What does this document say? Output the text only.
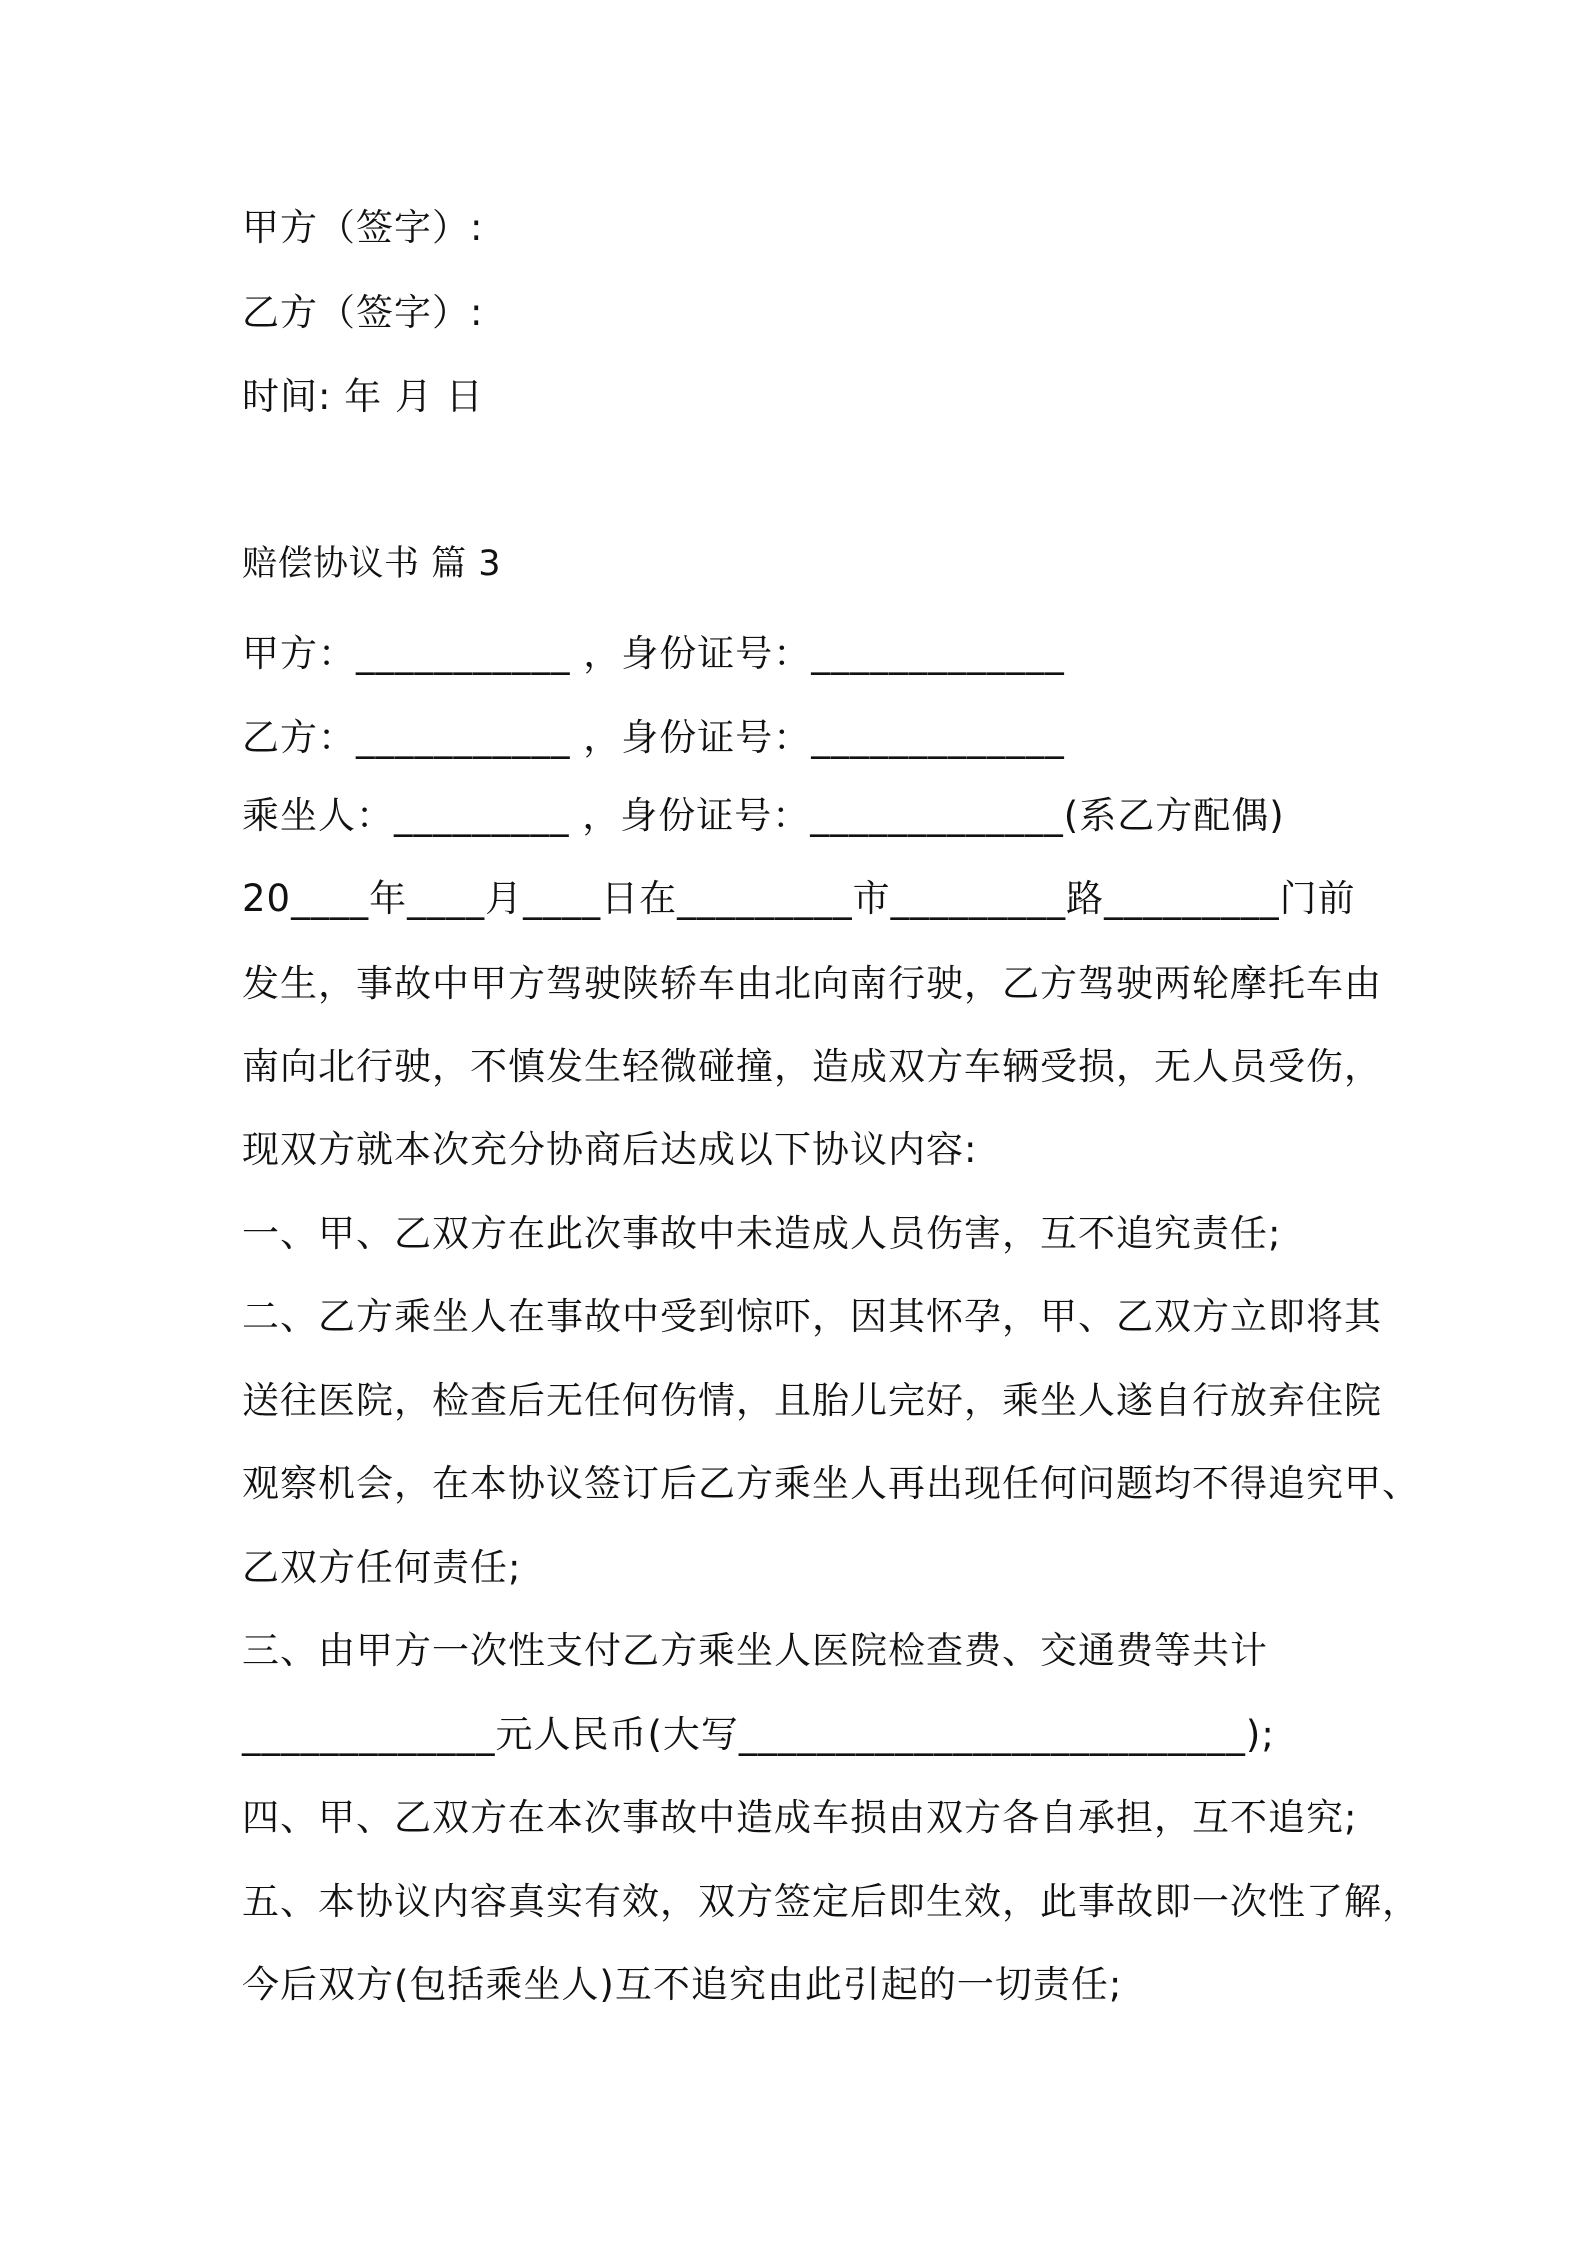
甲方（签字）:

乙方（签字）:

时间: 年 月 日

赔偿协议书 篇 3

甲方：___________ ，身份证号：_____________

乙方：___________ ，身份证号：_____________

乘坐人：_________ ，身份证号：_____________(系乙方配偶)

20____年____月____日在_________市_________路_________门前

发生，事故中甲方驾驶陕轿车由北向南行驶，乙方驾驶两轮摩托车由

南向北行驶，不慎发生轻微碰撞，造成双方车辆受损，无人员受伤，

现双方就本次充分协商后达成以下协议内容:

一、甲、乙双方在此次事故中未造成人员伤害，互不追究责任;

二、乙方乘坐人在事故中受到惊吓，因其怀孕，甲、乙双方立即将其

送往医院，检查后无任何伤情，且胎儿完好，乘坐人遂自行放弃住院

观察机会，在本协议签订后乙方乘坐人再出现任何问题均不得追究甲、

乙双方任何责任;

三、由甲方一次性支付乙方乘坐人医院检查费、交通费等共计

_____________元人民币(大写__________________________);

四、甲、乙双方在本次事故中造成车损由双方各自承担，互不追究;

五、本协议内容真实有效，双方签定后即生效，此事故即一次性了解，

今后双方(包括乘坐人)互不追究由此引起的一切责任;
